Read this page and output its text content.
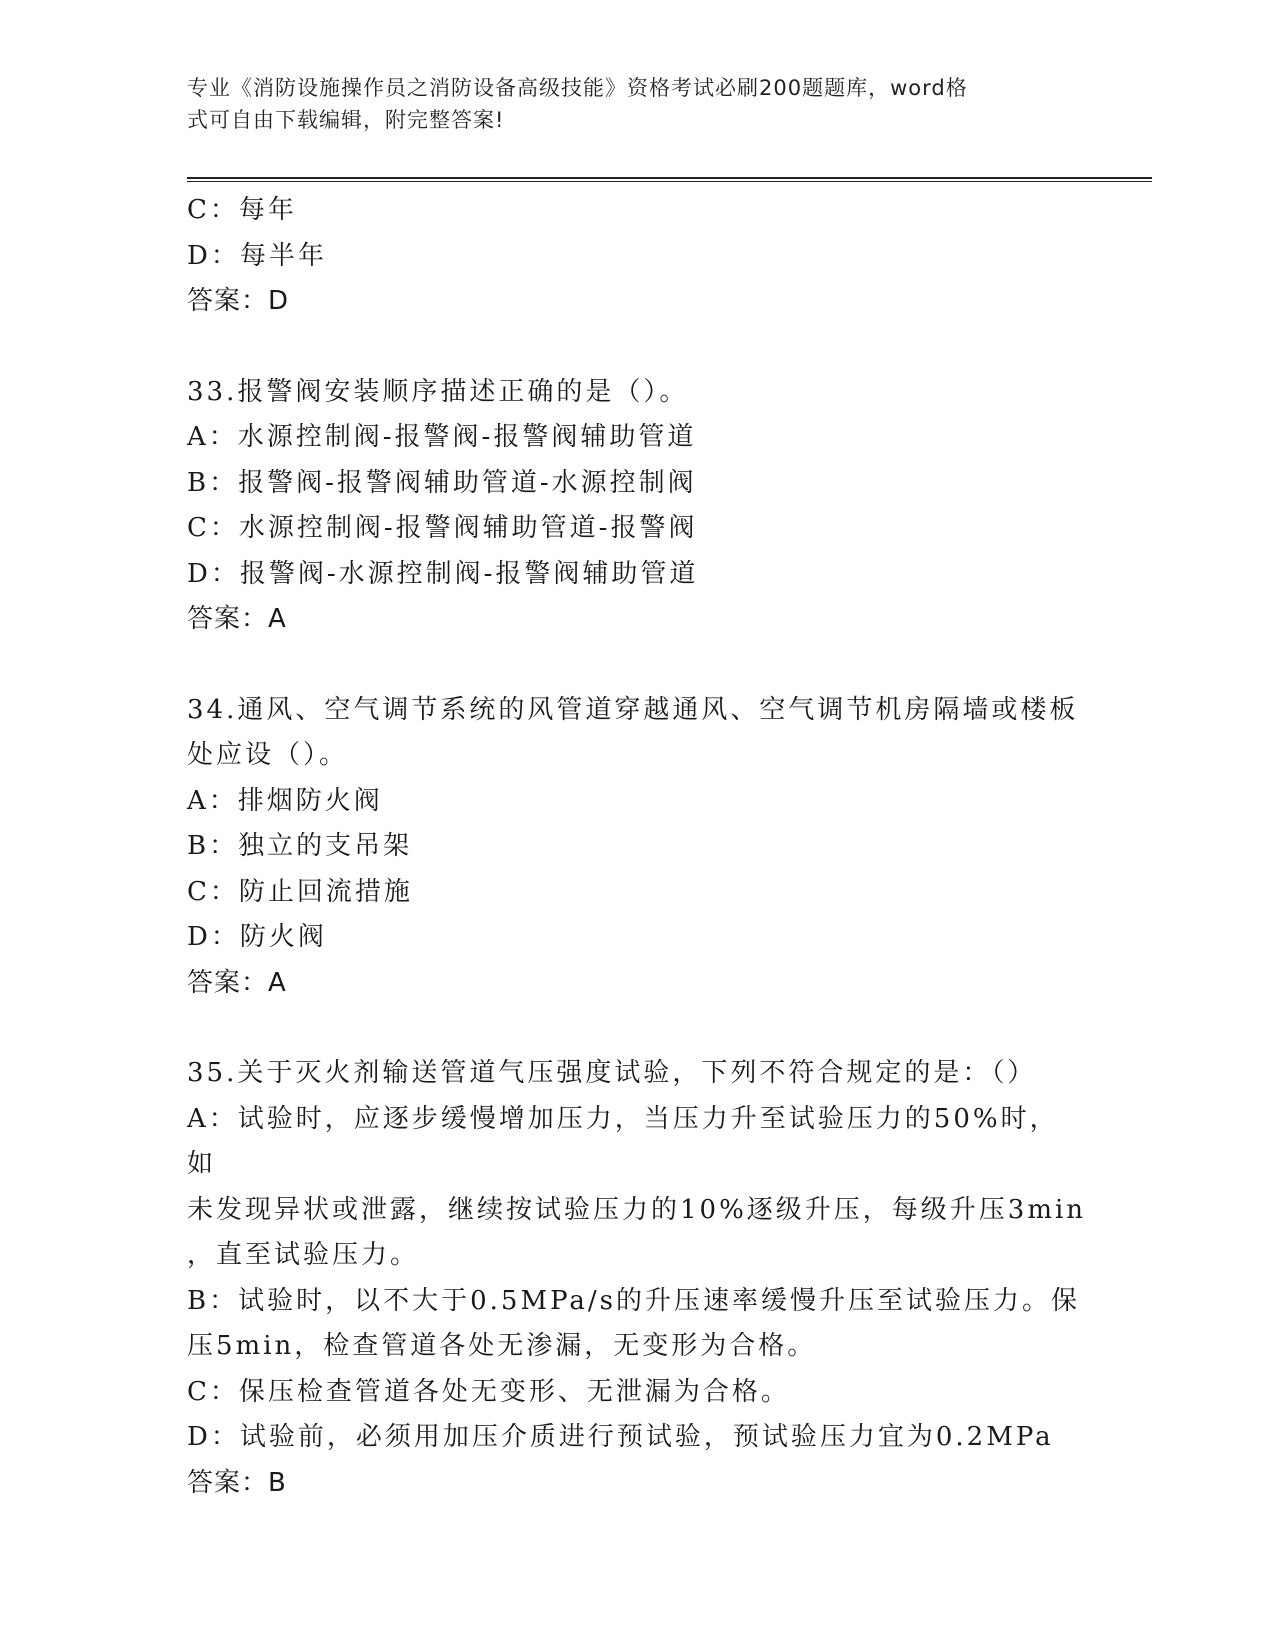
专业《消防设施操作员之消防设备高级技能》资格考试必刷200题题库，word格
式可自由下载编辑，附完整答案!
C：每年
D：每半年
答案：D
33.报警阀安装顺序描述正确的是（）。
A：水源控制阀-报警阀-报警阀辅助管道
B：报警阀-报警阀辅助管道-水源控制阀
C：水源控制阀-报警阀辅助管道-报警阀
D：报警阀-水源控制阀-报警阀辅助管道
答案：A
34.通风、空气调节系统的风管道穿越通风、空气调节机房隔墙或楼板
处应设（）。
A：排烟防火阀
B：独立的支吊架
C：防止回流措施
D：防火阀
答案：A
35.关于灭火剂输送管道气压强度试验，下列不符合规定的是：（）
A：试验时，应逐步缓慢增加压力，当压力升至试验压力的50%时，如
未发现异状或泄露，继续按试验压力的10%逐级升压，每级升压3min
，直至试验压力。
B：试验时，以不大于0.5MPa/s的升压速率缓慢升压至试验压力。保
压5min，检查管道各处无渗漏，无变形为合格。
C：保压检查管道各处无变形、无泄漏为合格。
D：试验前，必须用加压介质进行预试验，预试验压力宜为0.2MPa
答案：B
